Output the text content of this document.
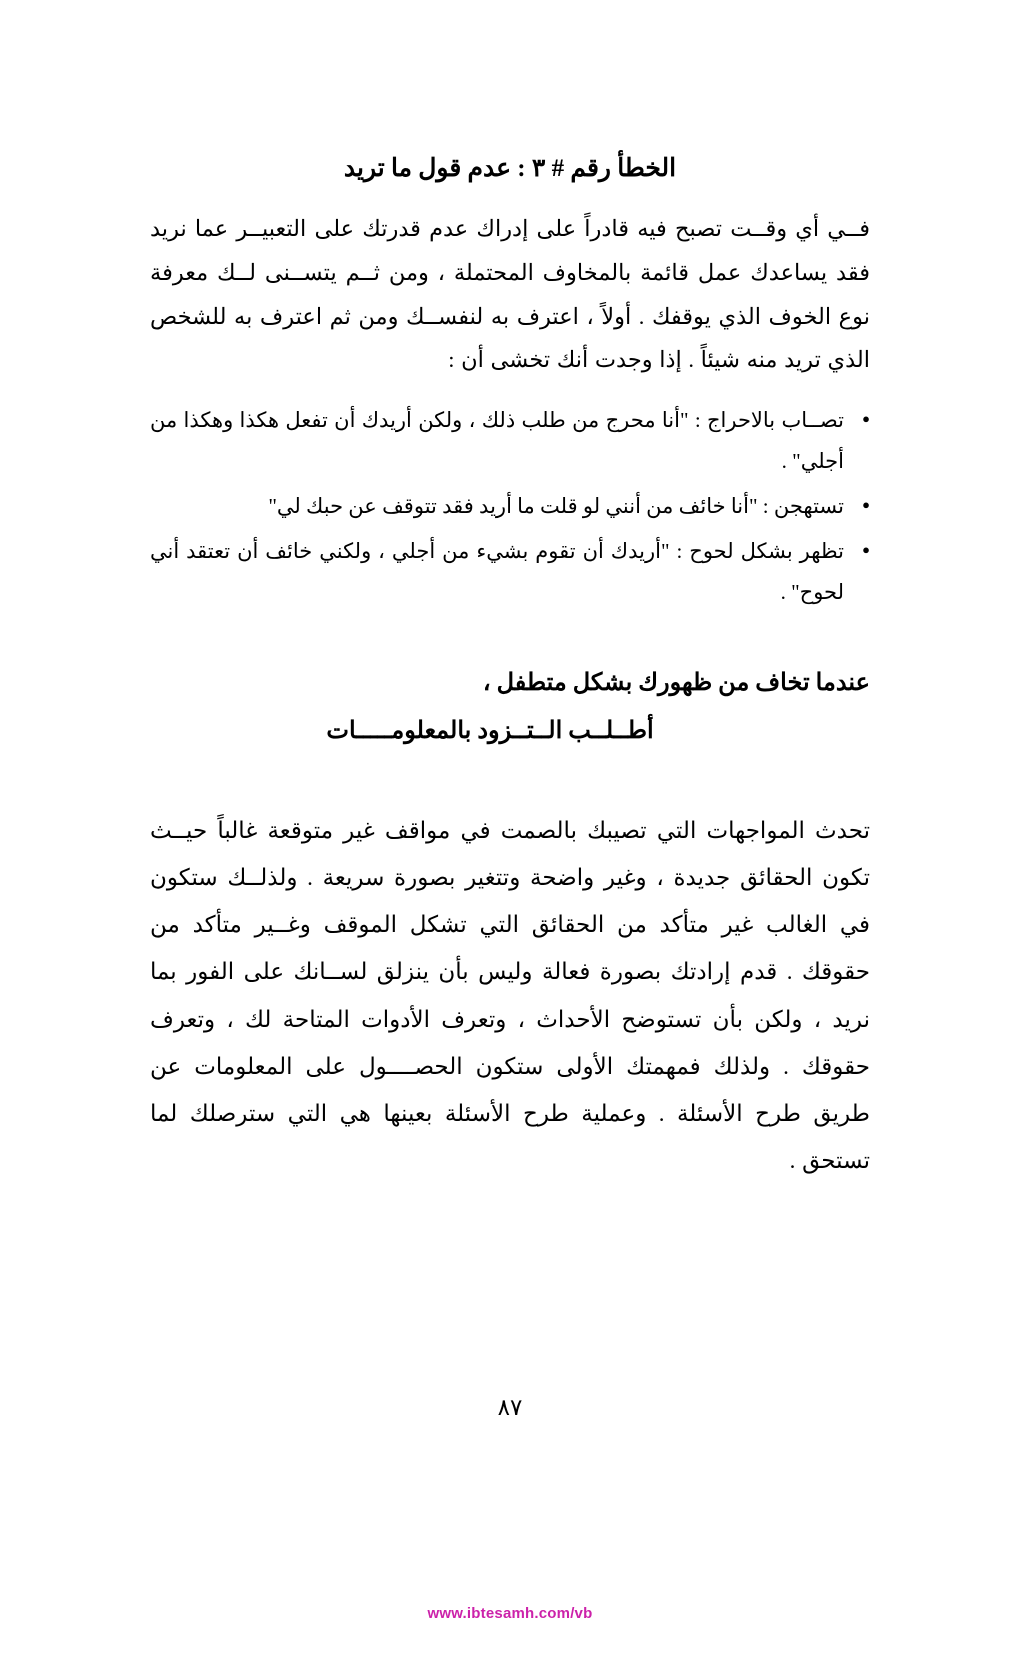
الخطأ رقم # ٣ : عدم قول ما تريد

فــي أي وقــت تصبح فيه قادراً على إدراك عدم قدرتك على التعبيــر عما نريد فقد يساعدك عمل قائمة بالمخاوف المحتملة ، ومن ثــم يتســنى لــك معرفة نوع الخوف الذي يوقفك . أولاً ، اعترف به لنفســك ومن ثم اعترف به للشخص الذي تريد منه شيئاً . إذا وجدت أنك تخشى أن :

● تصــاب بالاحراج : "أنا محرج من طلب ذلك ، ولكن أريدك أن تفعل هكذا وهكذا من أجلي" .
● تستهجن : "أنا خائف من أنني لو قلت ما أريد فقد تتوقف عن حبك لي"
● تظهر بشكل لحوح : "أريدك أن تقوم بشيء من أجلي ، ولكني خائف أن تعتقد أني لحوح" .
عندما تخاف من ظهورك بشكل متطفل ،
أطــلــب الــتــزود بالمعلومـــــات

تحدث المواجهات التي تصيبك بالصمت في مواقف غير متوقعة غالباً حيــث تكون الحقائق جديدة ، وغير واضحة وتتغير بصورة سريعة . ولذلــك ستكون في الغالب غير متأكد من الحقائق التي تشكل الموقف وغــير متأكد من حقوقك . قدم إرادتك بصورة فعالة وليس بأن ينزلق لســانك على الفور بما نريد ، ولكن بأن تستوضح الأحداث ، وتعرف الأدوات المتاحة لك ، وتعرف حقوقك . ولذلك فمهمتك الأولى ستكون الحصــــول على المعلومات عن طريق طرح الأسئلة . وعملية طرح الأسئلة بعينها هي التي سترصلك لما تستحق .

٨٧
www.ibtesamh.com/vb
